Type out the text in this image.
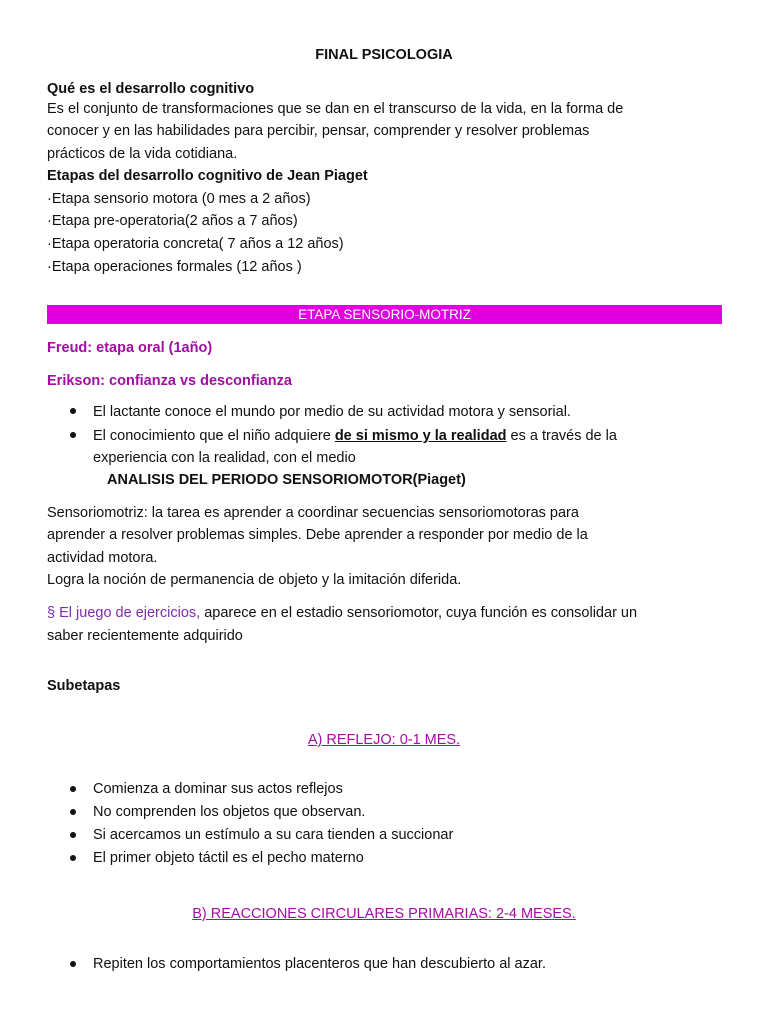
FINAL PSICOLOGIA
Qué es el desarrollo cognitivo
Es el conjunto de transformaciones que se dan en el transcurso de la vida, en la forma de
conocer y en las habilidades para percibir, pensar, comprender y resolver problemas
prácticos de la vida cotidiana.
Etapas del desarrollo cognitivo de Jean Piaget
·Etapa sensorio motora (0 mes a 2 años)
·Etapa pre-operatoria(2 años a 7 años)
·Etapa operatoria concreta( 7 años a 12 años)
·Etapa operaciones formales (12 años )
ETAPA SENSORIO-MOTRIZ
Freud: etapa oral (1año)
Erikson: confianza vs desconfianza
El lactante conoce el mundo por medio de su actividad motora y sensorial.
El conocimiento que el niño adquiere de si mismo y la realidad es a través de la
experiencia con la realidad, con el medio
ANALISIS DEL PERIODO SENSORIOMOTOR(Piaget)
Sensoriomotriz: la tarea es aprender a coordinar secuencias sensoriomotoras para
aprender a resolver problemas simples. Debe aprender a responder por medio de la
actividad motora.
Logra la noción de permanencia de objeto y la imitación diferida.
§ El juego de ejercicios, aparece en el estadio sensoriomotor, cuya función es consolidar un
saber recientemente adquirido
Subetapas
A) REFLEJO: 0-1 MES.
Comienza a dominar sus actos reflejos
No comprenden los objetos que observan.
Si acercamos un estímulo a su cara tienden a succionar
El primer objeto táctil es el pecho materno
B) REACCIONES CIRCULARES PRIMARIAS: 2-4 MESES.
Repiten los comportamientos placenteros que han descubierto al azar.
